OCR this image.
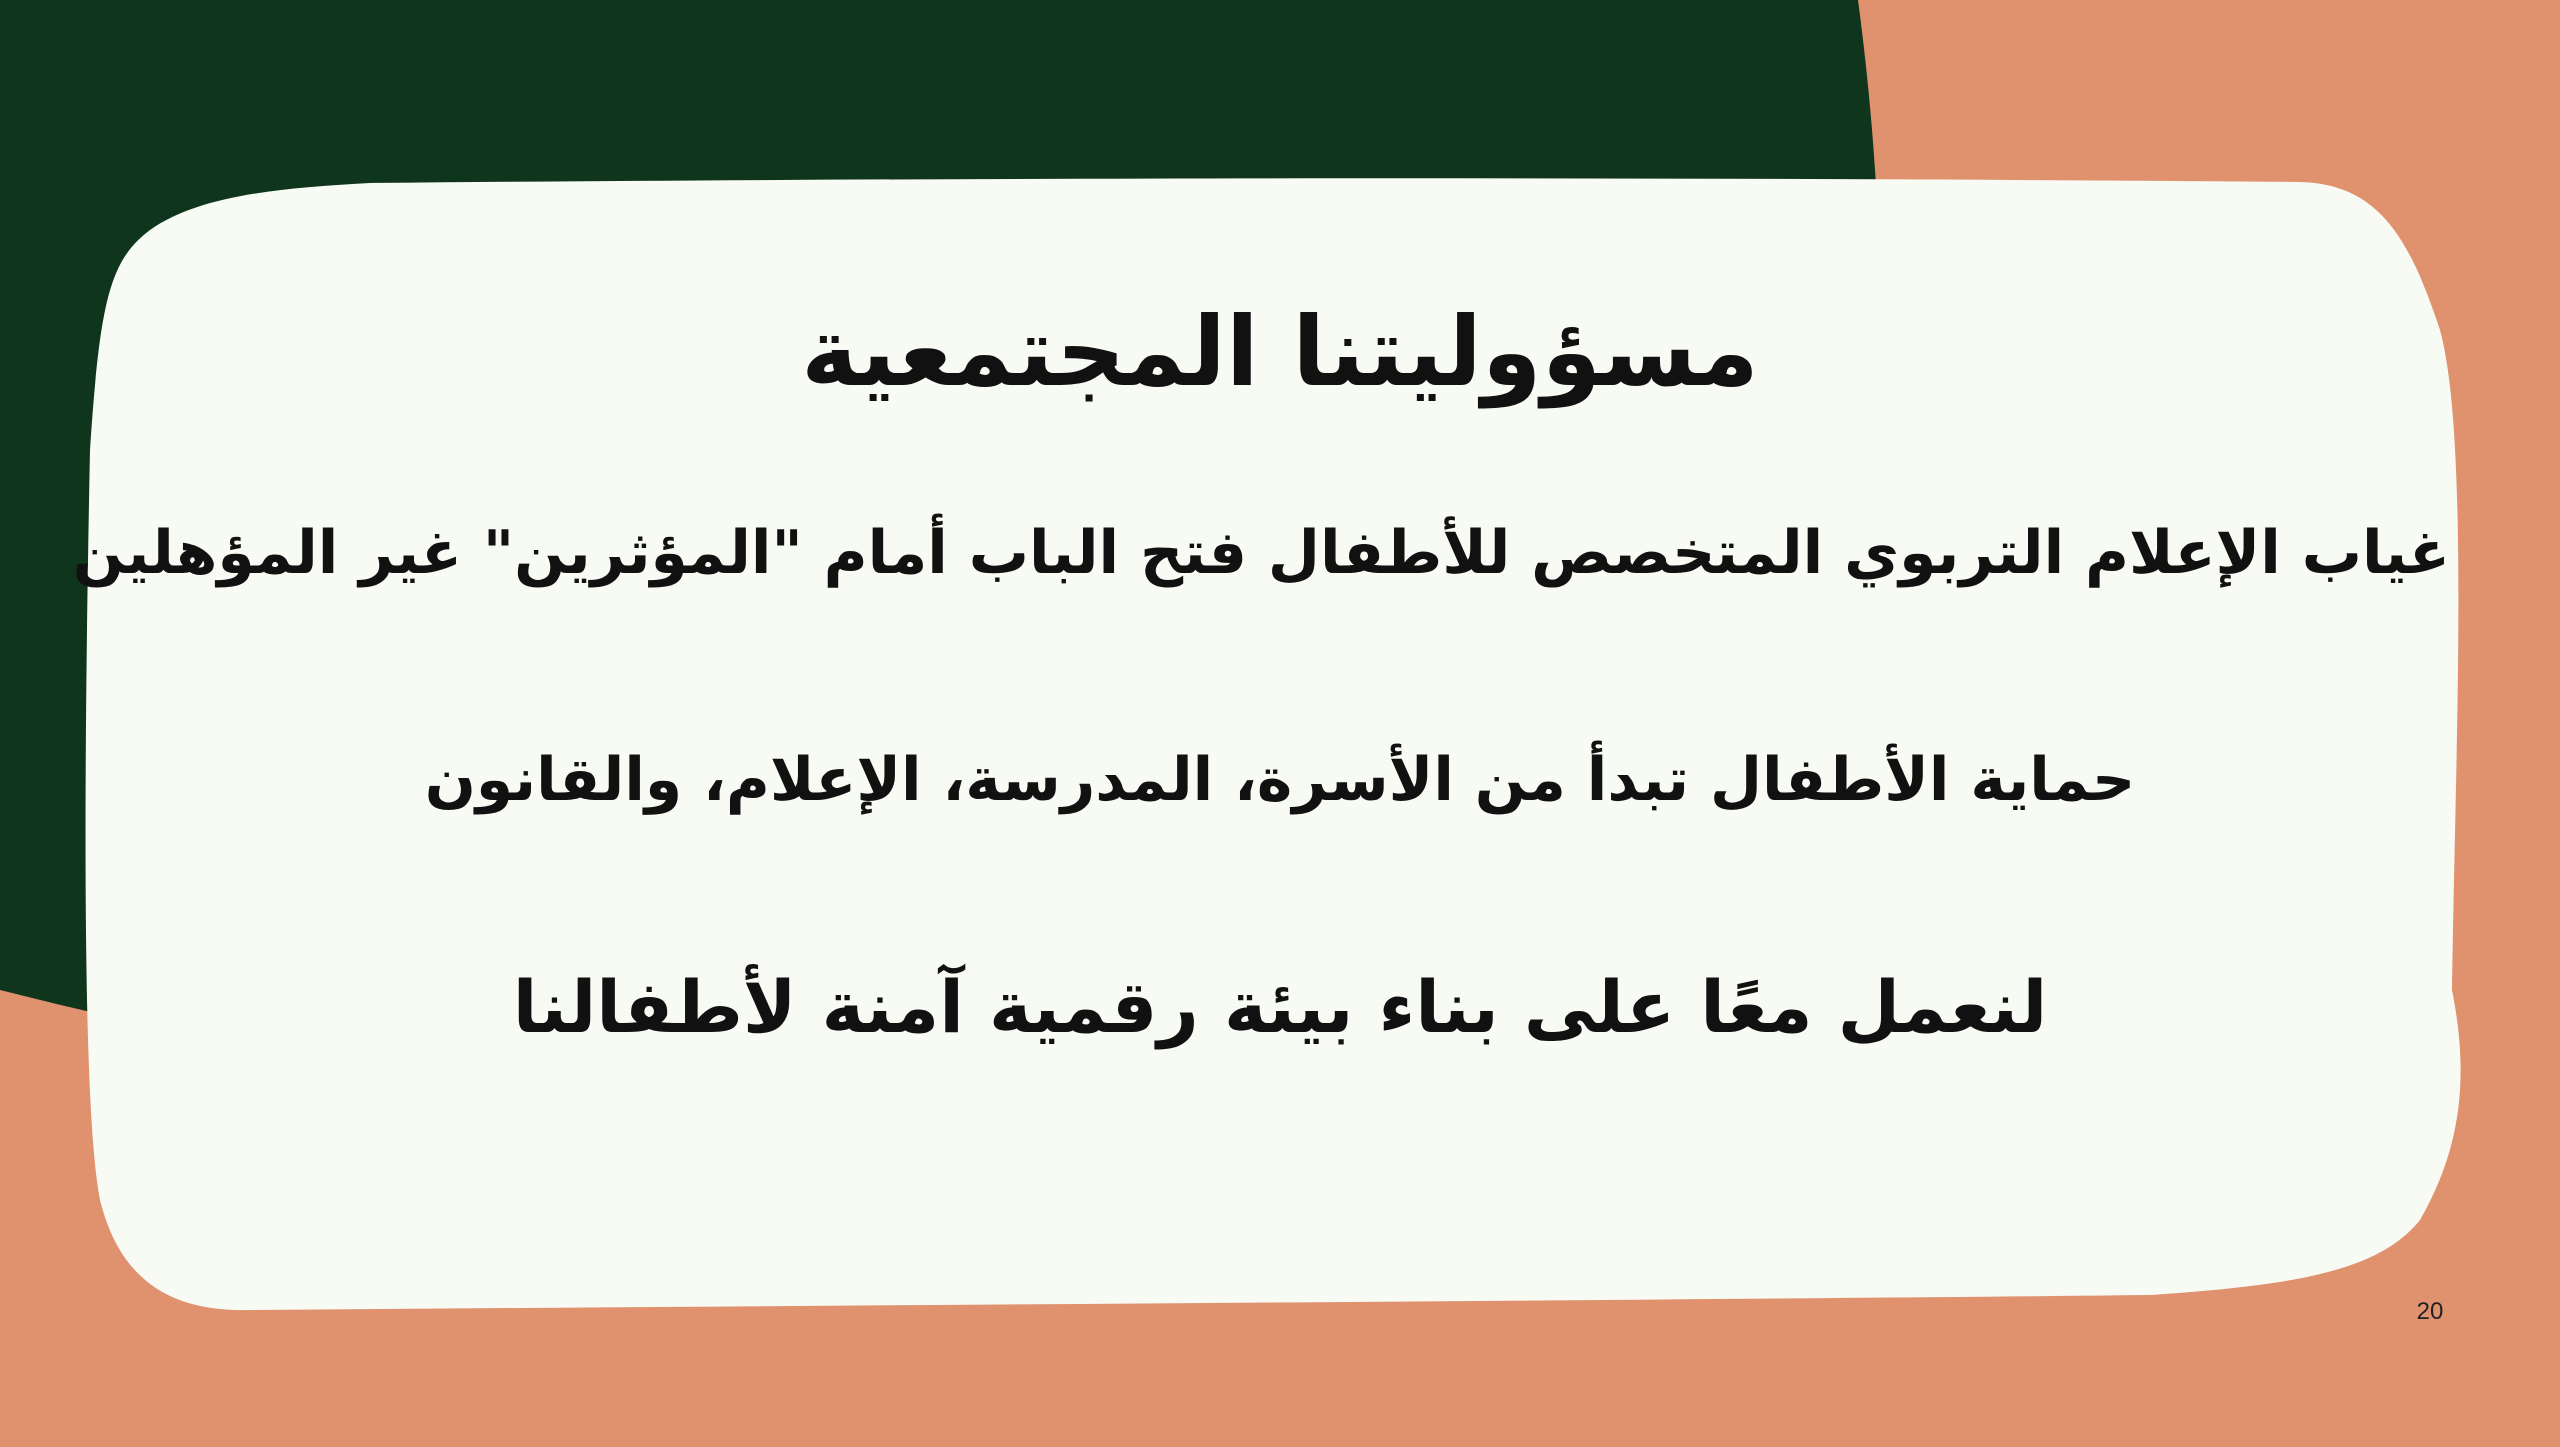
مسؤوليتنا المجتمعية

غياب الإعلام التربوي المتخصص للأطفال فتح الباب أمام "المؤثرين" غير المؤهلين

حماية الأطفال تبدأ من الأسرة، المدرسة، الإعلام، والقانون

لنعمل معًا على بناء بيئة رقمية آمنة لأطفالنا

20
